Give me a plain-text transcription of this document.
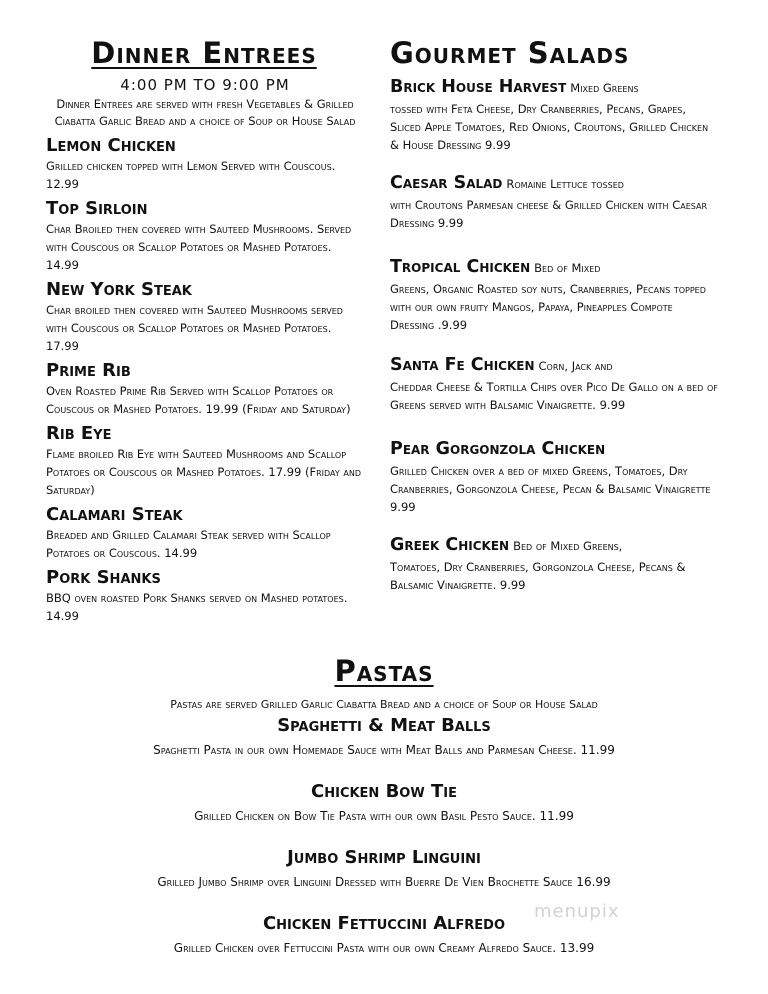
Dinner Entrees
4:00 PM TO 9:00 PM
Dinner Entrees are served with fresh Vegetables & Grilled Ciabatta Garlic Bread and a choice of Soup or House Salad
Lemon Chicken
Grilled chicken topped with Lemon Served with Couscous. 12.99
Top Sirloin
Char Broiled then covered with Sauteed Mushrooms. Served with Couscous or Scallop Potatoes or Mashed Potatoes. 14.99
New York Steak
Char broiled then covered with Sauteed Mushrooms served with Couscous or Scallop Potatoes or Mashed Potatoes. 17.99
Prime Rib
Oven Roasted Prime Rib Served with Scallop Potatoes or Couscous or Mashed Potatoes. 19.99 (Friday and Saturday)
Rib Eye
Flame broiled Rib Eye with Sauteed Mushrooms and Scallop Potatoes or Couscous or Mashed Potatoes. 17.99 (Friday and Saturday)
Calamari Steak
Breaded and Grilled Calamari Steak served with Scallop Potatoes or Couscous. 14.99
Pork Shanks
BBQ oven roasted Pork Shanks served on Mashed potatoes. 14.99
Gourmet Salads
Brick House Harvest Mixed Greens
tossed with Feta Cheese, Dry Cranberries, Pecans, Grapes, Sliced Apple Tomatoes, Red Onions, Croutons, Grilled Chicken & House Dressing 9.99
Caesar Salad Romaine Lettuce tossed
with Croutons Parmesan cheese & Grilled Chicken with Caesar Dressing 9.99
Tropical Chicken Bed of Mixed
Greens, Organic Roasted soy nuts, Cranberries, Pecans topped with our own fruity Mangos, Papaya, Pineapples Compote Dressing .9.99
Santa Fe Chicken Corn, Jack and
Cheddar Cheese & Tortilla Chips over Pico De Gallo on a bed of Greens served with Balsamic Vinaigrette. 9.99
Pear Gorgonzola Chicken
Grilled Chicken over a bed of mixed Greens, Tomatoes, Dry Cranberries, Gorgonzola Cheese, Pecan & Balsamic Vinaigrette 9.99
Greek Chicken Bed of Mixed Greens,
Tomatoes, Dry Cranberries, Gorgonzola Cheese, Pecans & Balsamic Vinaigrette. 9.99
Pastas
Pastas are served Grilled Garlic Ciabatta Bread and a choice of Soup or House Salad
Spaghetti & Meat Balls
Spaghetti Pasta in our own Homemade Sauce with Meat Balls and Parmesan Cheese. 11.99
Chicken Bow Tie
Grilled Chicken on Bow Tie Pasta with our own Basil Pesto Sauce. 11.99
Jumbo Shrimp Linguini
Grilled Jumbo Shrimp over Linguini Dressed with Buerre De Vien Brochette Sauce 16.99
Chicken Fettuccini Alfredo
Grilled Chicken over Fettuccini Pasta with our own Creamy Alfredo Sauce. 13.99
menupix
